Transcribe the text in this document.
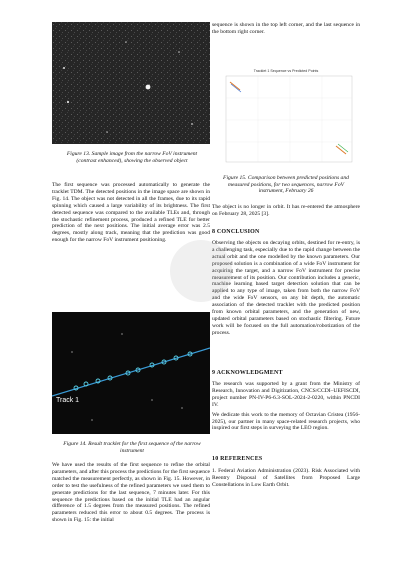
Figure 13. Sample image from the narrow FoV instrument (contrast enhanced), showing the observed object

The first sequence was processed automatically to generate the tracklet TDM. The detected positions in the image space are shown in Fig. 14. The object was not detected in all the frames, due to its rapid spinning which caused a large variability of its brightness. The first detected sequence was compared to the available TLEs and, through the stochastic refinement process, produced a refined TLE for better prediction of the next positions. The initial average error was 2.5 degrees, mostly along track, meaning that the prediction was good enough for the narrow FoV instrument positioning.

Track 1
Figure 14. Result tracklet for the first sequence of the narrow instrument

We have used the results of the first sequence to refine the orbital parameters, and after this process the predictions for the first sequence matched the measurement perfectly, as shown in Fig. 15. However, in order to test the usefulness of the refined parameters we used them to generate predictions for the last sequence, 7 minutes later. For this sequence the predictions based on the initial TLE had an angular difference of 1.5 degrees from the measured positions. The refined parameters reduced this error to about 0.5 degrees. The process is shown in Fig. 15: the initial

sequence is shown in the top left corner, and the last sequence in the bottom right corner.

Tracklet 1 Sequence vs Predicted Points
Figure 15. Comparison between predicted positions and measured positions, for two sequences, narrow FoV instrument, February 26

The object is no longer in orbit. It has re-entered the atmosphere on February 28, 2025 [3].

8 CONCLUSION

Observing the objects on decaying orbits, destined for re-entry, is a challenging task, especially due to the rapid change between the actual orbit and the one modelled by the known parameters. Our proposed solution is a combination of a wide FoV instrument for acquiring the target, and a narrow FoV instrument for precise measurement of its position. Our contribution includes a generic, machine learning based target detection solution that can be applied to any type of image, taken from both the narrow FoV and the wide FoV sensors, on any bit depth, the automatic association of the detected tracklet with the predicted position from known orbital parameters, and the generation of new, updated orbital parameters based on stochastic filtering. Future work will be focused on the full automation/robotization of the process.

9 ACKNOWLEDGMENT

The research was supported by a grant from the Ministry of Research, Innovation and Digitization, CNCS/CCDI–UEFISCDI, project number PN-IV-P6-6.3-SOL-2024-2-0220, within PNCDI IV.

We dedicate this work to the memory of Octavian Cristea (1956-2025), our partner in many space-related research projects, who inspired our first steps in surveying the LEO region.

10 REFERENCES
1. Federal Aviation Administration (2023). Risk Associated with Reentry Disposal of Satellites from Proposed Large Constellations in Low Earth Orbit.
